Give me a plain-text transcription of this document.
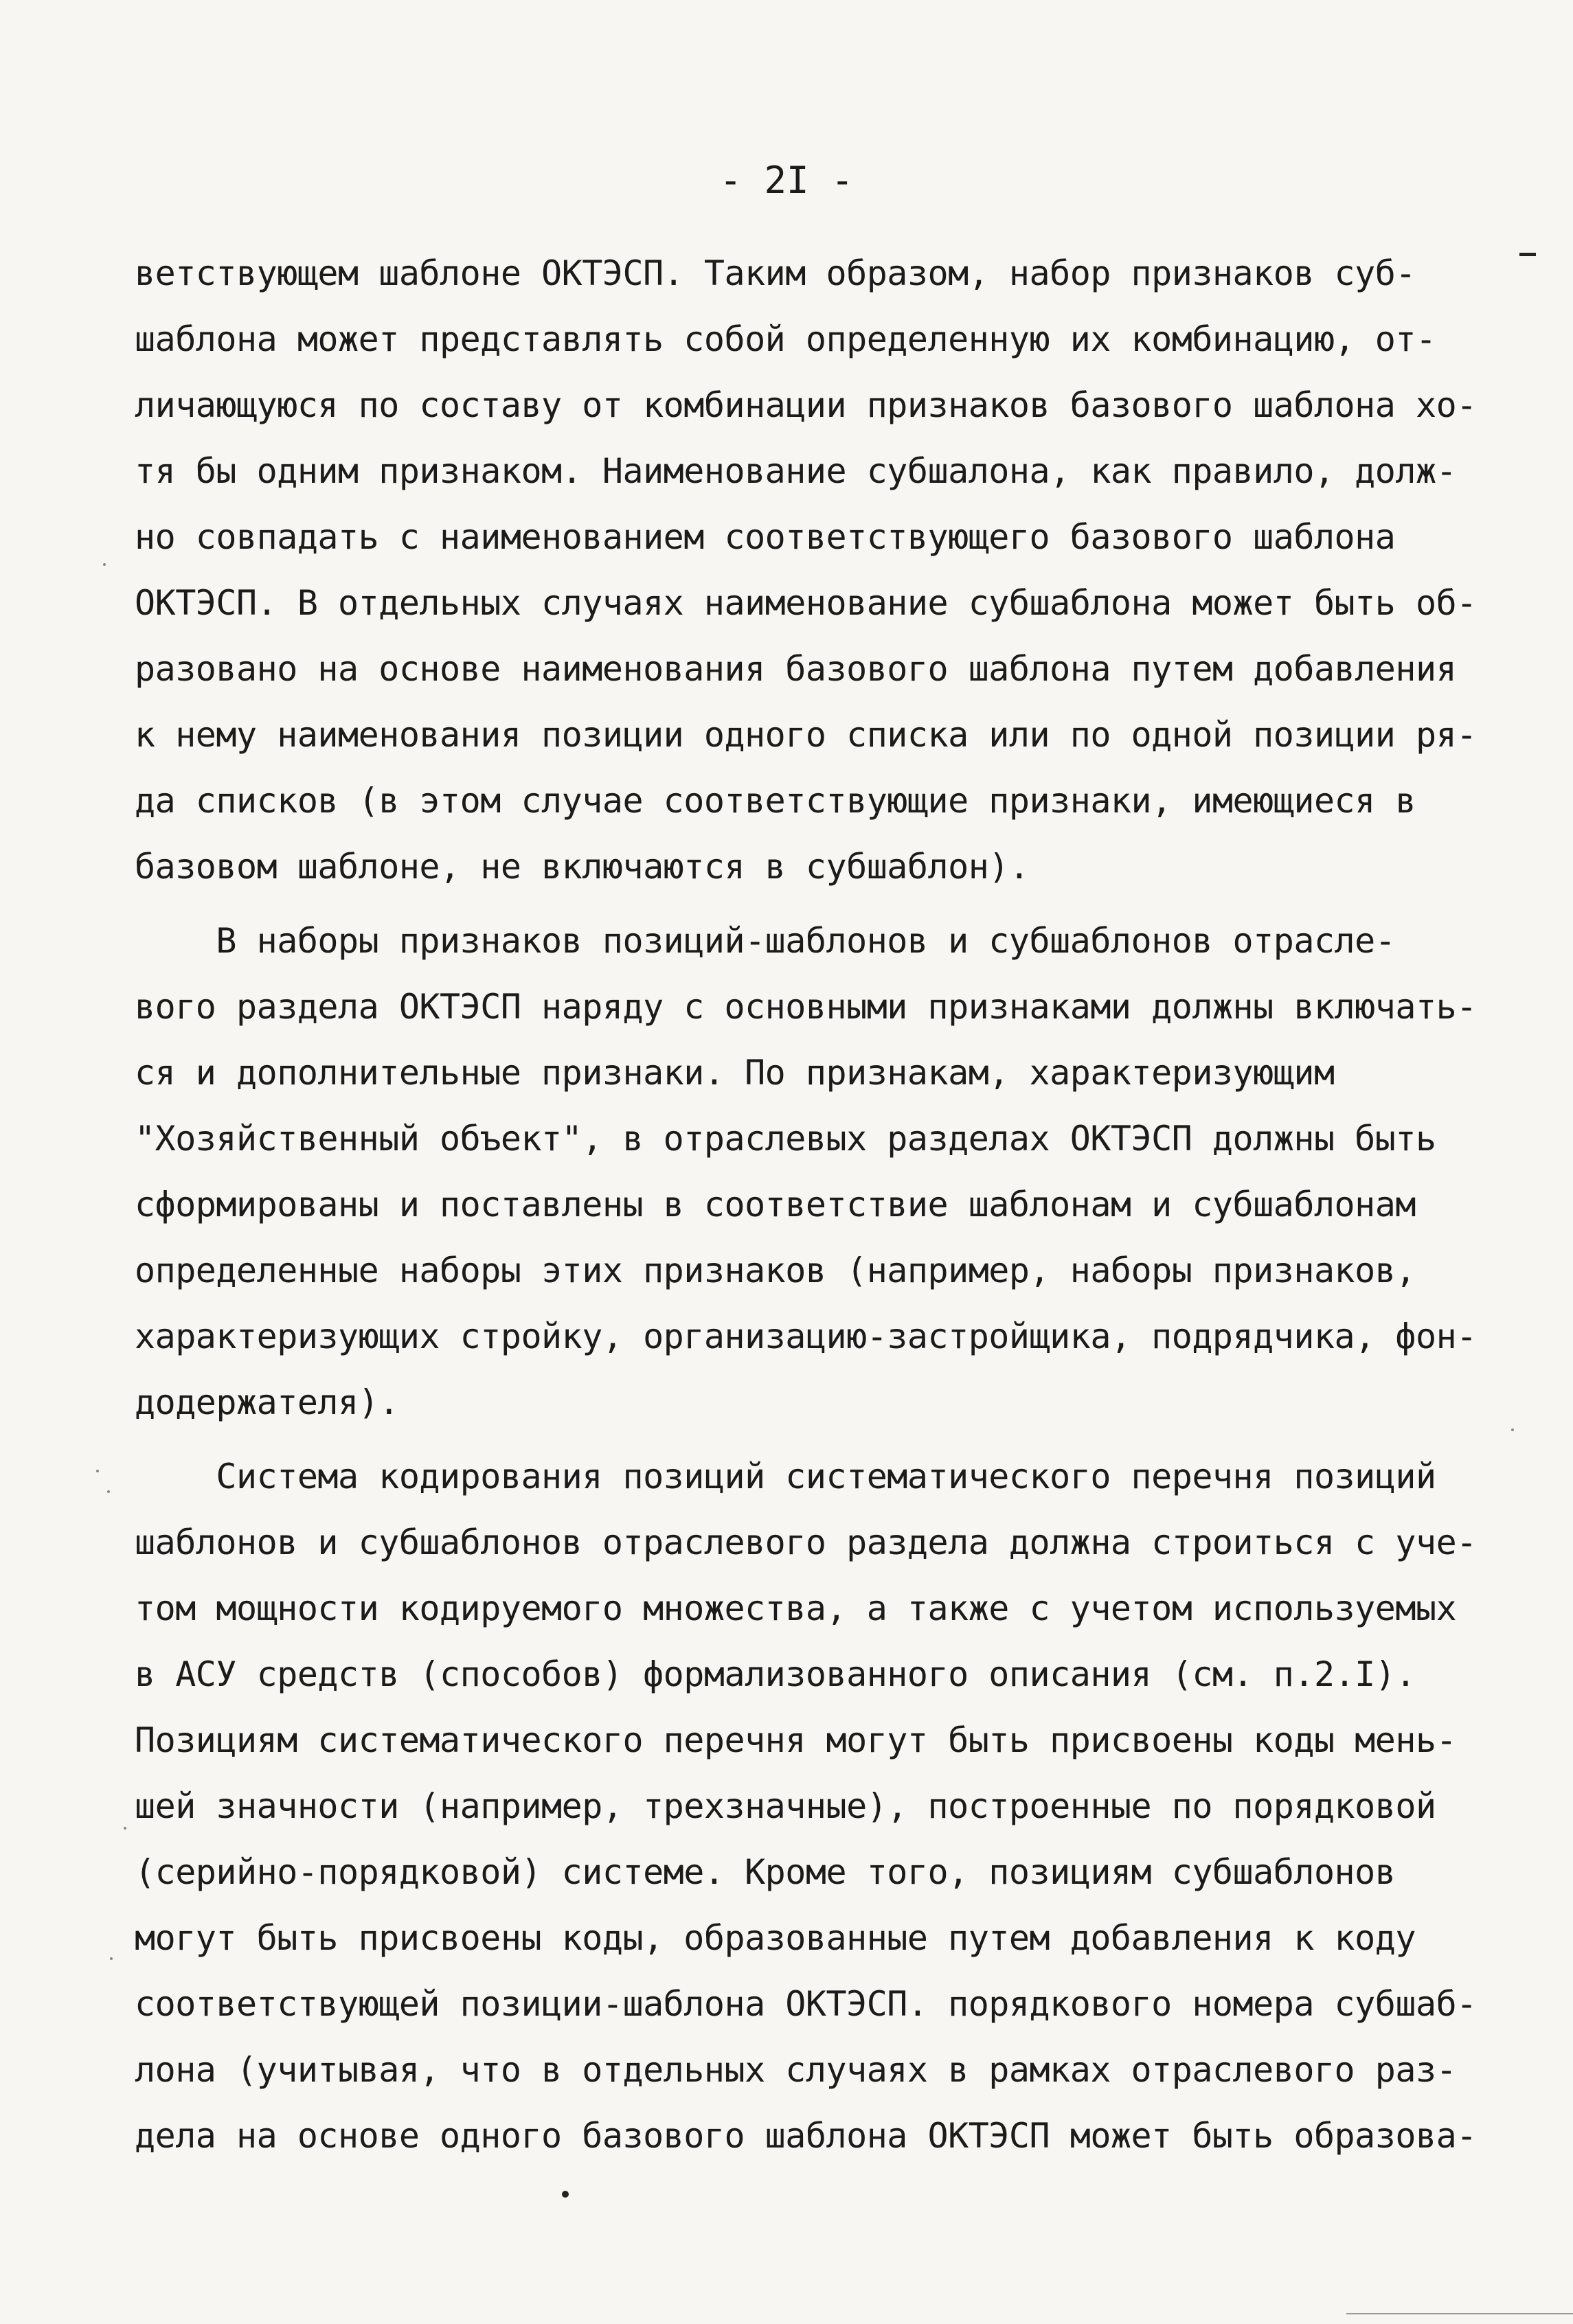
- 2I -
ветствующем шаблоне ОКТЭСП. Таким образом, набор признаков суб-
шаблона может представлять собой определенную их комбинацию, от-
личающуюся по составу от комбинации признаков базового шаблона хо-
тя бы одним признаком. Наименование субшалона, как правило, долж-
но совпадать с наименованием соответствующего базового шаблона
ОКТЭСП. В отдельных случаях наименование субшаблона может быть об-
разовано на основе наименования базового шаблона путем добавления
к нему наименования позиции одного списка или по одной позиции ря-
да списков (в этом случае соответствующие признаки, имеющиеся в
базовом шаблоне, не включаются в субшаблон).
В наборы признаков позиций-шаблонов и субшаблонов отрасле-
вого раздела ОКТЭСП наряду с основными признаками должны включать-
ся и дополнительные признаки. По признакам, характеризующим
"Хозяйственный объект", в отраслевых разделах ОКТЭСП должны быть
сформированы и поставлены в соответствие шаблонам и субшаблонам
определенные наборы этих признаков (например, наборы признаков,
характеризующих стройку, организацию-застройщика, подрядчика, фон-
додержателя).
Система кодирования позиций систематического перечня позиций
шаблонов и субшаблонов отраслевого раздела должна строиться с уче-
том мощности кодируемого множества, а также с учетом используемых
в АСУ средств (способов) формализованного описания (см. п.2.I).
Позициям систематического перечня могут быть присвоены коды мень-
шей значности (например, трехзначные), построенные по порядковой
(серийно-порядковой) системе. Кроме того, позициям субшаблонов
могут быть присвоены коды, образованные путем добавления к коду
соответствующей позиции-шаблона ОКТЭСП. порядкового номера субшаб-
лона (учитывая, что в отдельных случаях в рамках отраслевого раз-
дела на основе одного базового шаблона ОКТЭСП может быть образова-
